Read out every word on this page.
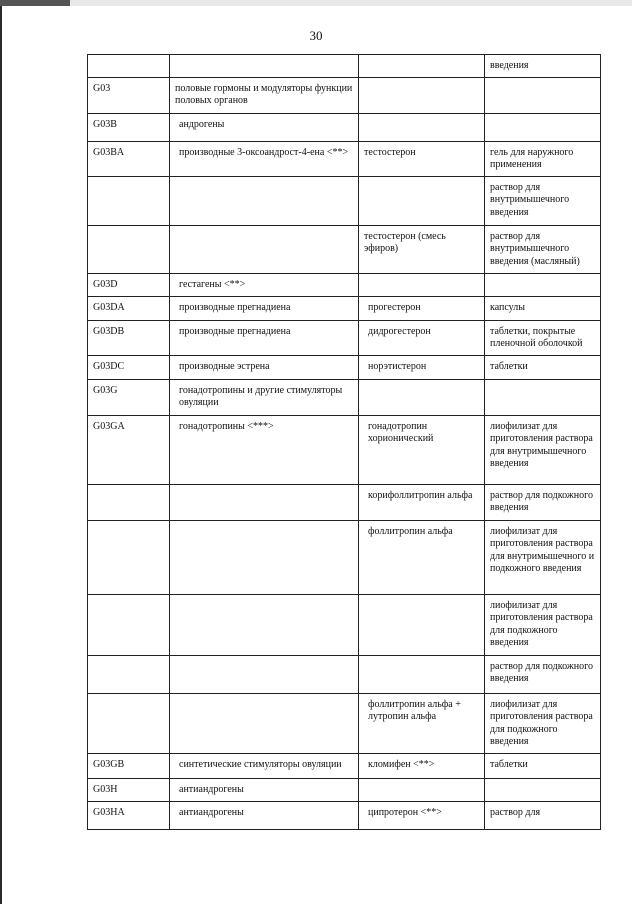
30
			введения
G03	половые гормоны и модуляторы функции половых органов		
G03B	андрогены		
G03BA	производные 3-оксоандрост-4-ена <**>	тестостерон	гель для наружного применения
			раствор для внутримышечного введения
		тестостерон (смесь эфиров)	раствор для внутримышечного введения (масляный)
G03D	гестагены <**>		
G03DA	производные прегнадиена	прогестерон	капсулы
G03DB	производные прегнадиена	дидрогестерон	таблетки, покрытые пленочной оболочкой
G03DC	производные эстрена	норэтистерон	таблетки
G03G	гонадотропины и другие стимуляторы овуляции		
G03GA	гонадотропины <***>	гонадотропин хорионический	лиофилизат для приготовления раствора для внутримышечного введения
		корифоллитропин альфа	раствор для подкожного введения
		фоллитропин альфа	лиофилизат для приготовления раствора для внутримышечного и подкожного введения
			лиофилизат для приготовления раствора для подкожного введения
			раствор для подкожного введения
		фоллитропин альфа + лутропин альфа	лиофилизат для приготовления раствора для подкожного введения
G03GB	синтетические стимуляторы овуляции	кломифен <**>	таблетки
G03H	антиандрогены		
G03HA	антиандрогены	ципротерон <**>	раствор для
